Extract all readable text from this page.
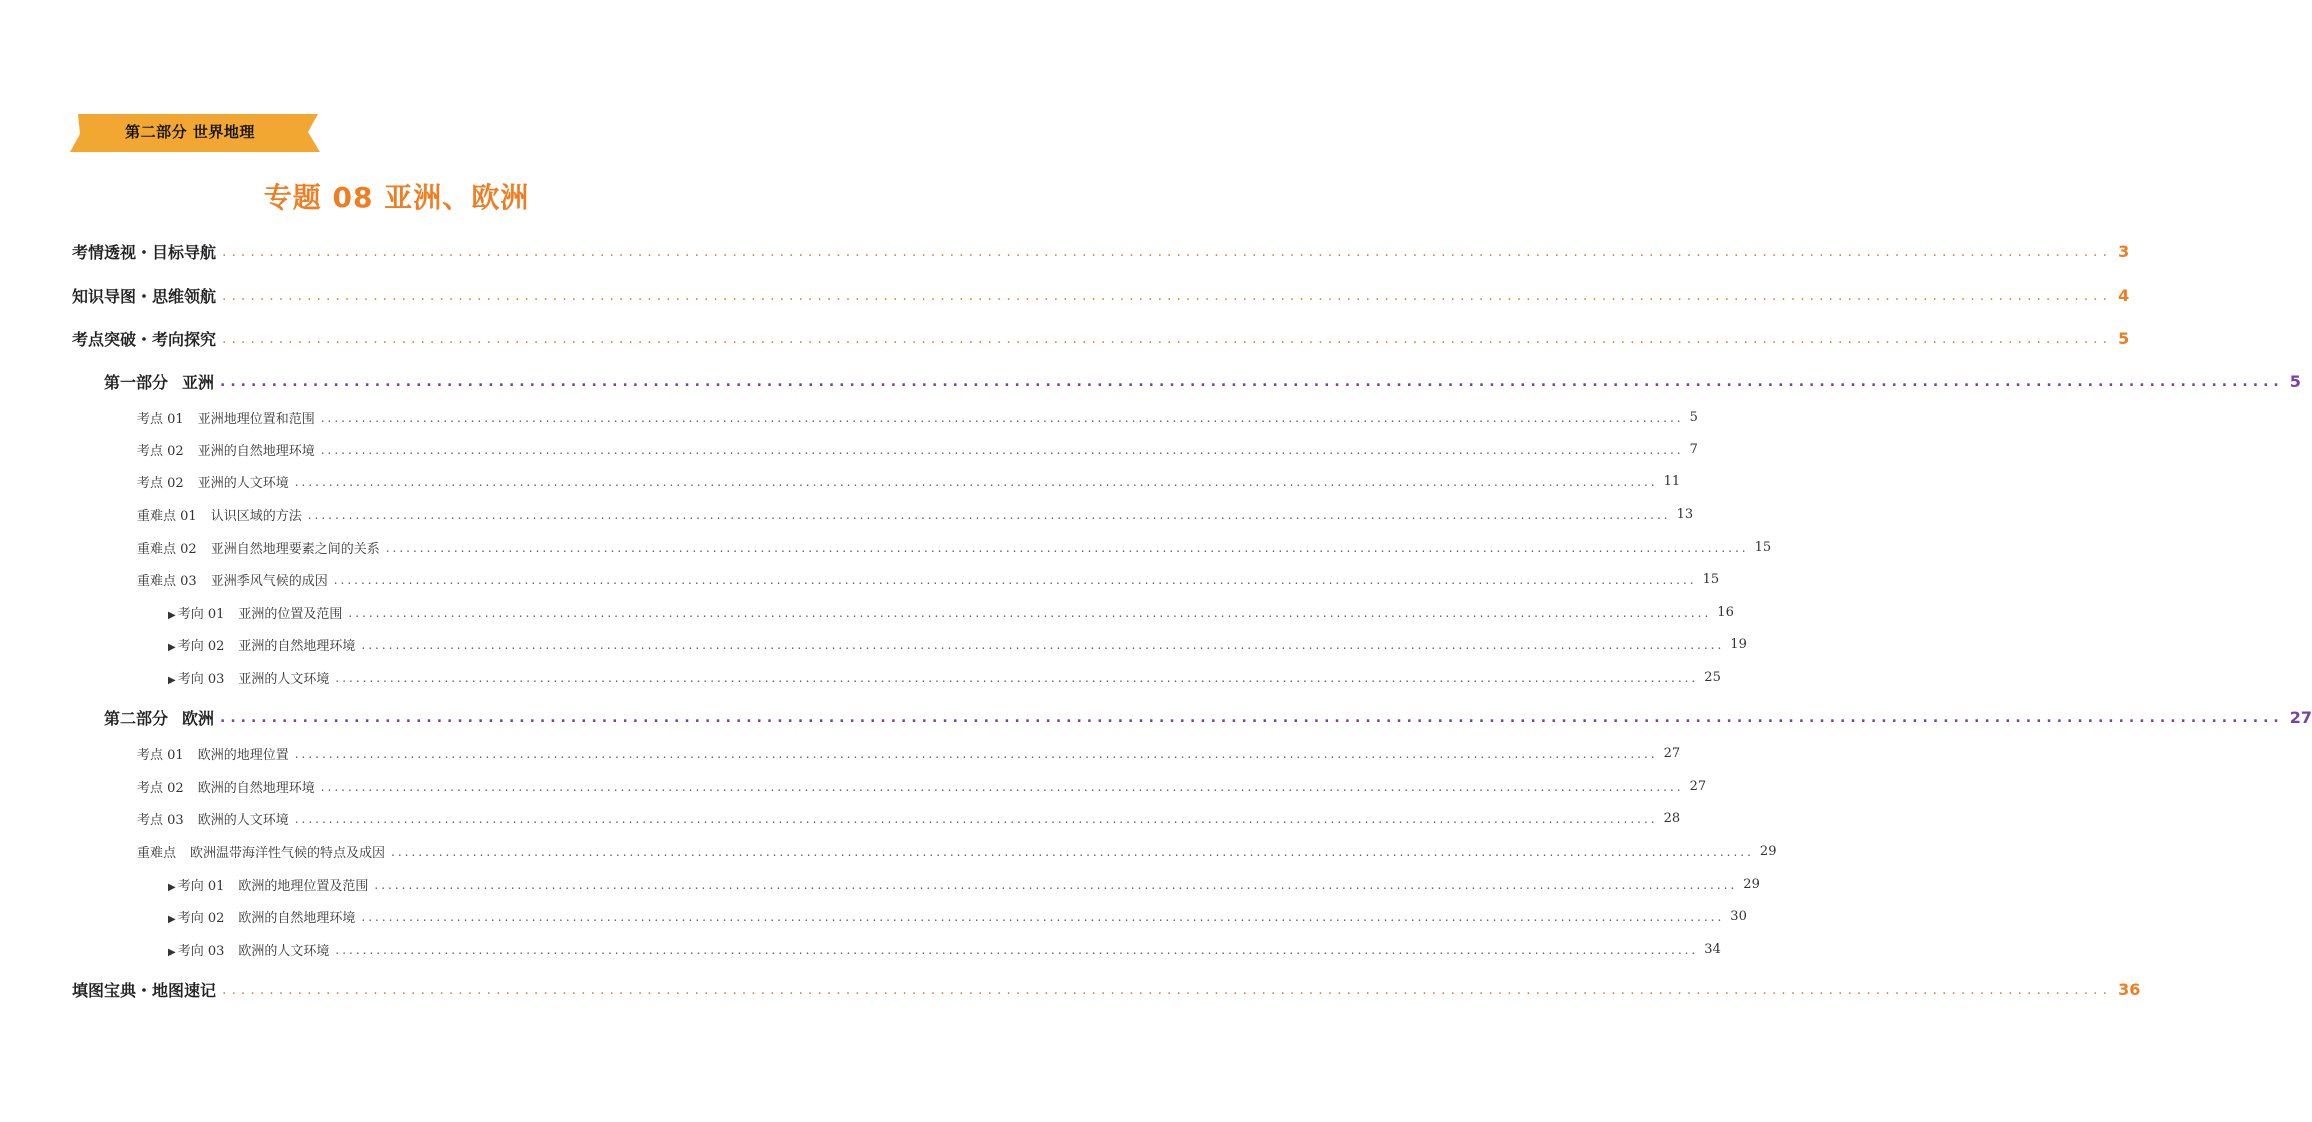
第二部分 世界地理
专题 08 亚洲、欧洲
考情透视・目标导航 ........................................................................................................................................................................................................ 3
知识导图・思维领航 ........................................................................................................................................................................................................ 4
考点突破・考向探究 ........................................................................................................................................................................................................ 5
第一部分 亚洲 ........................................................................................................................................................................................................ 5
考点 01 亚洲地理位置和范围 ........................................................................................................................................................................................................ 5
考点 02 亚洲的自然地理环境 ........................................................................................................................................................................................................ 7
考点 02 亚洲的人文环境 ........................................................................................................................................................................................................ 11
重难点 01 认识区域的方法 ........................................................................................................................................................................................................ 13
重难点 02 亚洲自然地理要素之间的关系 ........................................................................................................................................................................................................ 15
重难点 03 亚洲季风气候的成因 ........................................................................................................................................................................................................ 15
▶ 考向 01 亚洲的位置及范围 ........................................................................................................................................................................................................ 16
▶ 考向 02 亚洲的自然地理环境 ........................................................................................................................................................................................................ 19
▶ 考向 03 亚洲的人文环境 ........................................................................................................................................................................................................ 25
第二部分 欧洲 ........................................................................................................................................................................................................ 27
考点 01 欧洲的地理位置 ........................................................................................................................................................................................................ 27
考点 02 欧洲的自然地理环境 ........................................................................................................................................................................................................ 27
考点 03 欧洲的人文环境 ........................................................................................................................................................................................................ 28
重难点 欧洲温带海洋性气候的特点及成因 ........................................................................................................................................................................................................ 29
▶ 考向 01 欧洲的地理位置及范围 ........................................................................................................................................................................................................ 29
▶ 考向 02 欧洲的自然地理环境 ........................................................................................................................................................................................................ 30
▶ 考向 03 欧洲的人文环境 ........................................................................................................................................................................................................ 34
填图宝典・地图速记 ........................................................................................................................................................................................................ 36
